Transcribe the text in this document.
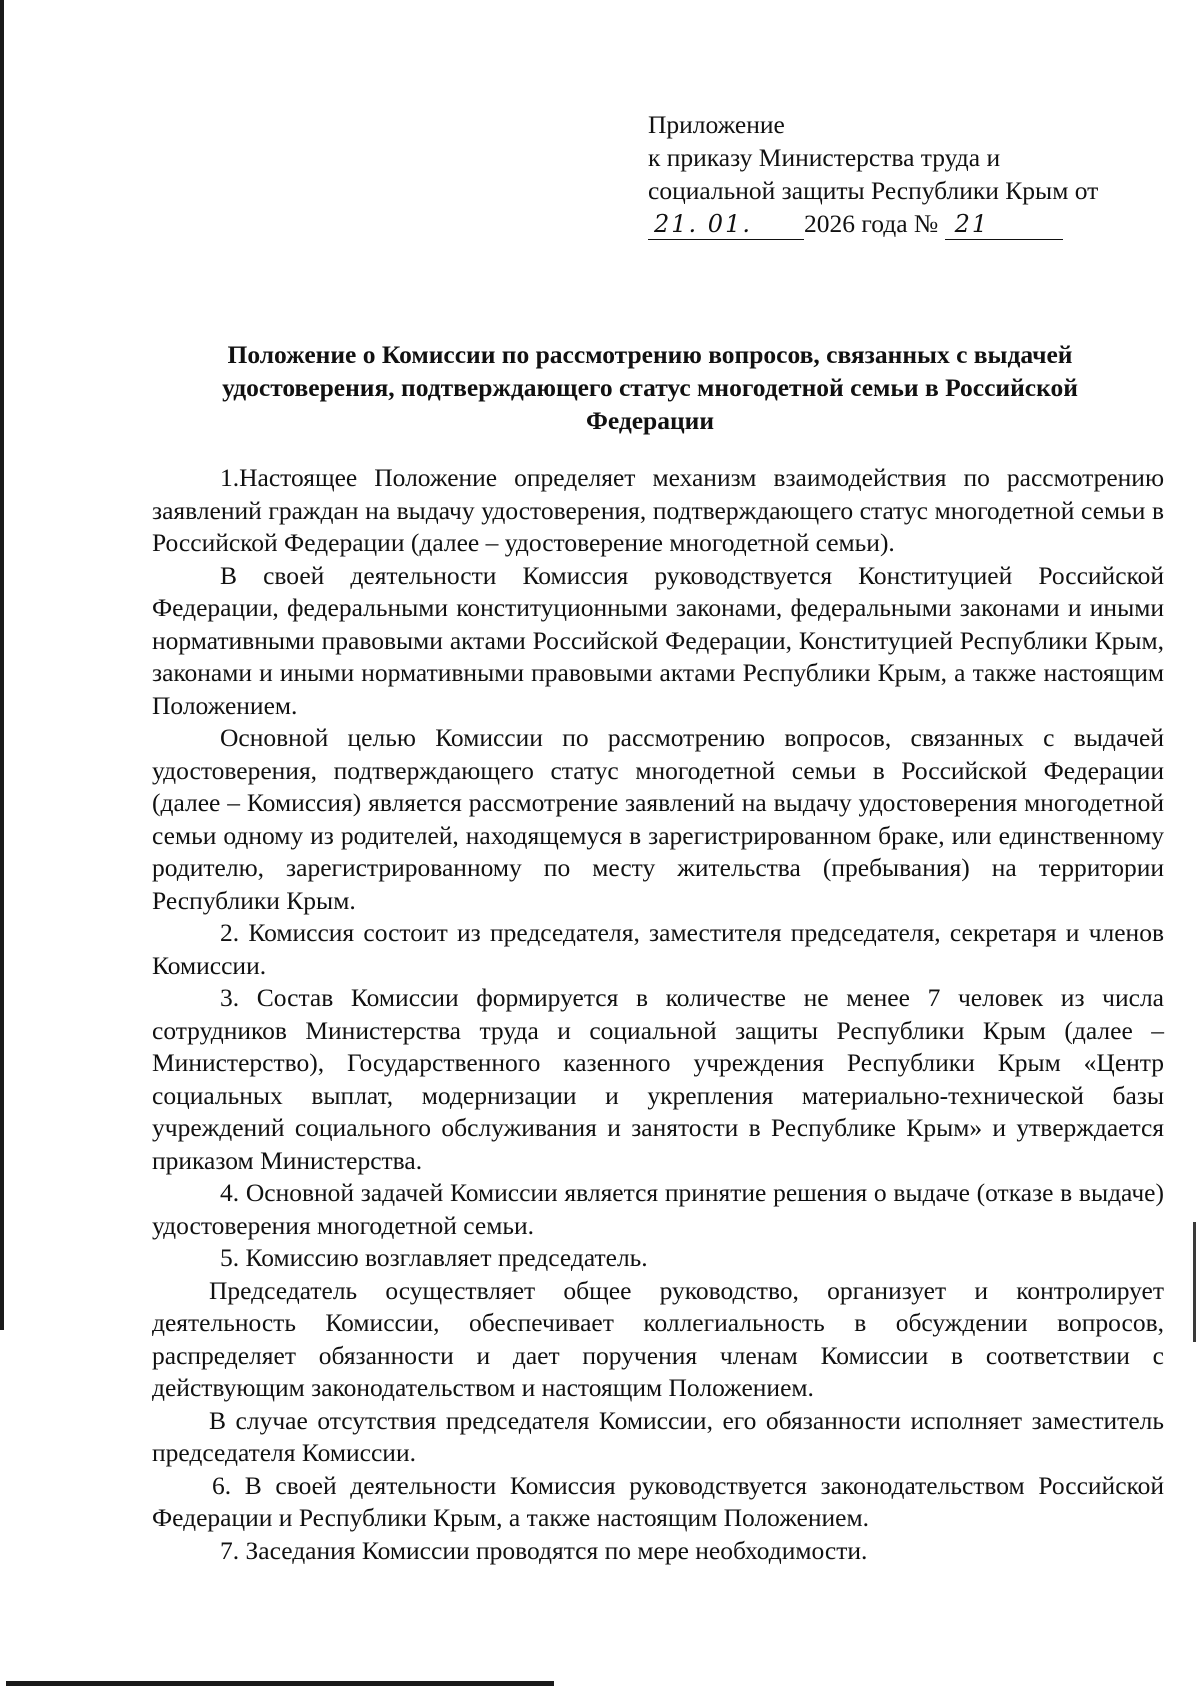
Приложение
к приказу Министерства труда и
социальной защиты Республики Крым от
21. 01. 2026 года № 21
Положение о Комиссии по рассмотрению вопросов, связанных с выдачей
удостоверения, подтверждающего статус многодетной семьи в Российской
Федерации

1.Настоящее Положение определяет механизм взаимодействия по рассмотрению заявлений граждан на выдачу удостоверения, подтверждающего статус многодетной семьи в Российской Федерации (далее – удостоверение многодетной семьи).

В своей деятельности Комиссия руководствуется Конституцией Российской Федерации, федеральными конституционными законами, федеральными законами и иными нормативными правовыми актами Российской Федерации, Конституцией Республики Крым, законами и иными нормативными правовыми актами Республики Крым, а также настоящим Положением.

Основной целью Комиссии по рассмотрению вопросов, связанных с выдачей удостоверения, подтверждающего статус многодетной семьи в Российской Федерации (далее – Комиссия) является рассмотрение заявлений на выдачу удостоверения многодетной семьи одному из родителей, находящемуся в зарегистрированном браке, или единственному родителю, зарегистрированному по месту жительства (пребывания) на территории Республики Крым.

2. Комиссия состоит из председателя, заместителя председателя, секретаря и членов Комиссии.

3. Состав Комиссии формируется в количестве не менее 7 человек из числа сотрудников Министерства труда и социальной защиты Республики Крым (далее – Министерство), Государственного казенного учреждения Республики Крым «Центр социальных выплат, модернизации и укрепления материально-технической базы учреждений социального обслуживания и занятости в Республике Крым» и утверждается приказом Министерства.

4. Основной задачей Комиссии является принятие решения о выдаче (отказе в выдаче) удостоверения многодетной семьи.

5. Комиссию возглавляет председатель.

Председатель осуществляет общее руководство, организует и контролирует деятельность Комиссии, обеспечивает коллегиальность в обсуждении вопросов, распределяет обязанности и дает поручения членам Комиссии в соответствии с действующим законодательством и настоящим Положением.

В случае отсутствия председателя Комиссии, его обязанности исполняет заместитель председателя Комиссии.

6. В своей деятельности Комиссия руководствуется законодательством Российской Федерации и Республики Крым, а также настоящим Положением.

7. Заседания Комиссии проводятся по мере необходимости.
